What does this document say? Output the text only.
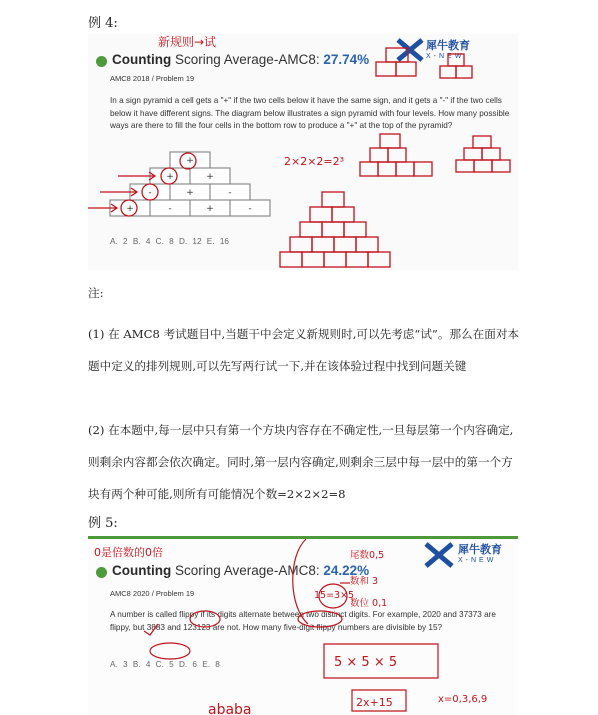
例 4:
Counting Scoring Average-AMC8: 27.74%
AMC8 2018 / Problem 19
In a sign pyramid a cell gets a "+" if the two cells below it have the same sign, and it gets a "-" if the two cells below it have different signs. The diagram below illustrates a sign pyramid with four levels. How many possible ways are there to fill the four cells in the bottom row to produce a "+" at the top of the pyramid?
A. 2 B. 4 C. 8 D. 12 E. 16
犀牛教育
X-NEW
+
+	+
-	+	-
+	-	+	-
新规则→试
2×2×2=2³
注:
(1) 在 AMC8 考试题目中,当题干中会定义新规则时,可以先考虑“试”。那么在面对本题中定义的排列规则,可以先写两行试一下,并在该体验过程中找到问题关键
(2) 在本题中,每一层中只有第一个方块内容存在不确定性,一旦每层第一个内容确定,则剩余内容都会依次确定。同时,第一层内容确定,则剩余三层中每一层中的第一个方块有两个种可能,则所有可能情况个数=2×2×2=8
例 5:
Counting Scoring Average-AMC8: 24.22%
AMC8 2020 / Problem 19
A number is called flippy if its digits alternate between two distinct digits. For example, 2020 and 37373 are flippy, but 3883 and 123123 are not. How many five-digit flippy numbers are divisible by 15?
A. 3 B. 4 C. 5 D. 6 E. 8
犀牛教育
X-NEW
0是倍数的0倍
15=3×5
尾数0,5
数和 3
数位 0,1
5 × 5 × 5
2x+15	x=0,3,6,9
ababa
